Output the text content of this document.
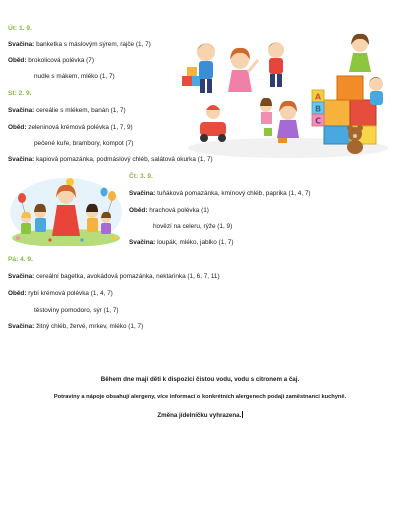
Út: 1. 9.
Svačina: banketka s máslovým sýrem, rajče (1, 7)
Oběd: brokolicová polévka (7)
nudle s mákem, mléko (1, 7)
St: 2. 9.
Svačina: cereálie s mlékem, banán (1, 7)
Oběd: zeleninová krémová polévka (1, 7, 9)
pečené kuře, brambory, kompot (7)
Svačina: kapiová pomazánka, podmáslový chléb, salátová okurka (1, 7)
Čt: 3. 9.
Svačina: tuňáková pomazánka, kmínový chléb, paprika (1, 4, 7)
Oběd: hrachová polévka (1)
hovězí na celeru, rýže (1, 9)
Svačina: loupák, mléko, jablko (1, 7)
Pá: 4. 9.
Svačina: cereální bagetka, avokádová pomazánka, nektarinka (1, 6, 7, 11)
Oběd: rybí krémová polévka (1, 4, 7)
těstoviny pomodoro, sýr (1, 7)
Svačina: žitný chléb, žervé, mrkev, mléko (1, 7)
Během dne mají děti k dispozici čistou vodu, vodu s citronem a čaj.
Potraviny a nápoje obsahují alergeny, více informací o konkrétních alergenech podají zaměstnanci kuchyně.
Změna jídelníčku vyhrazena.
A
B
C
